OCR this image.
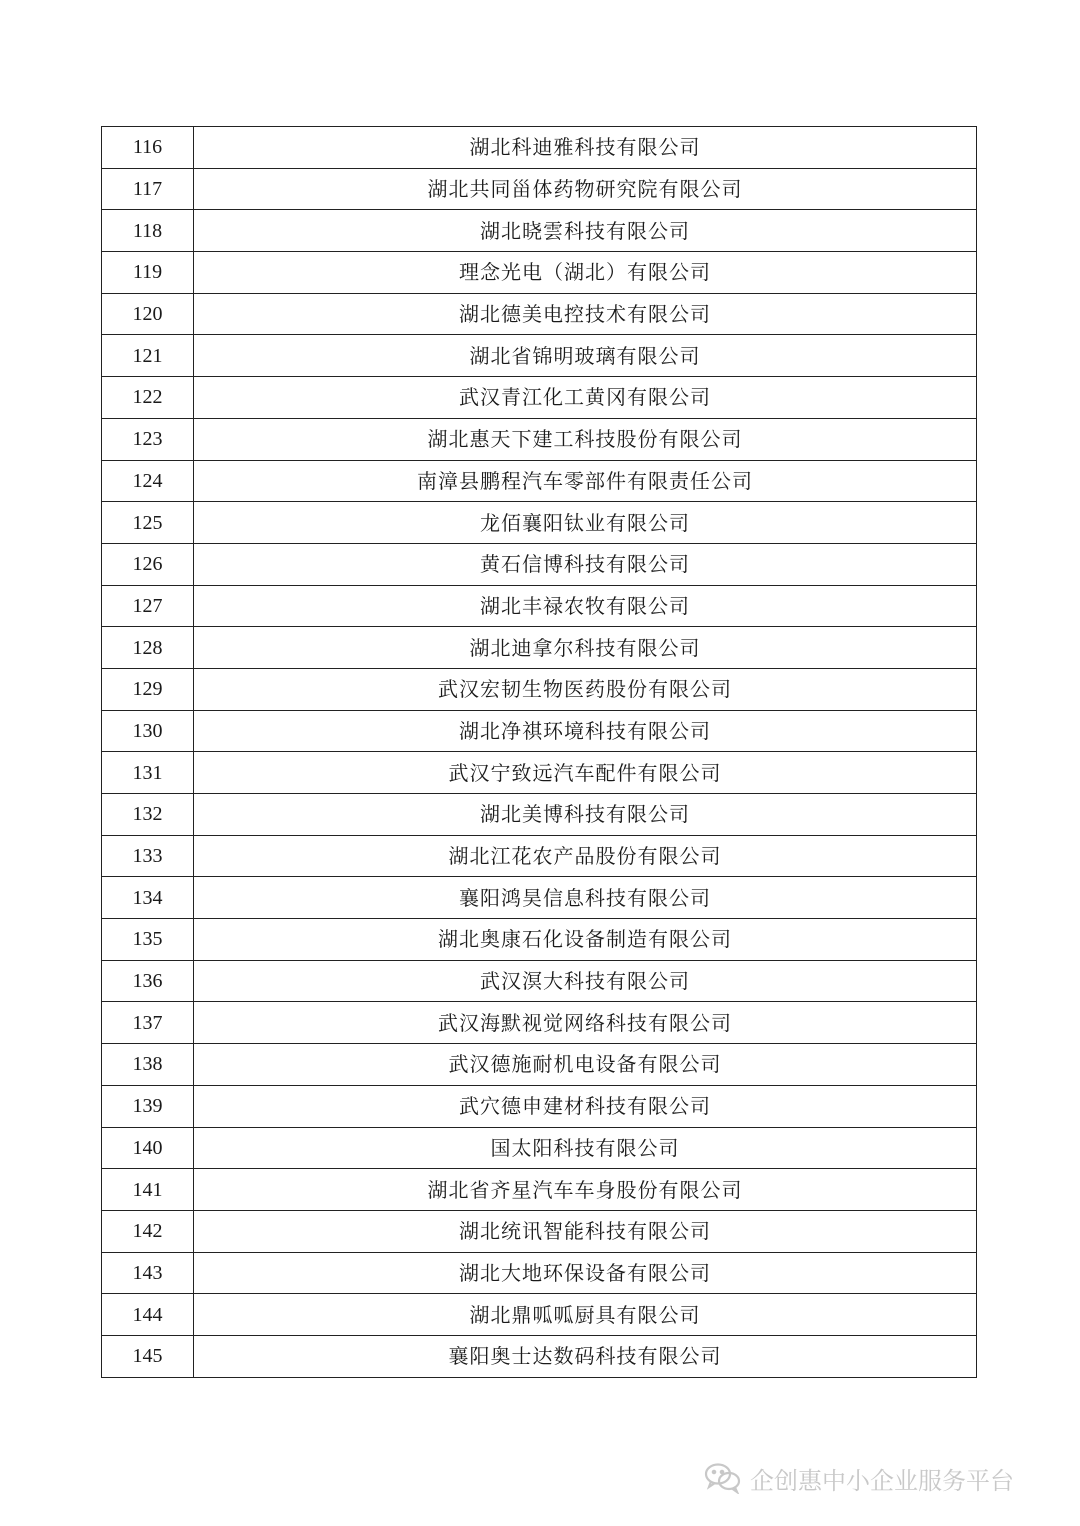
116	湖北科迪雅科技有限公司
117	湖北共同甾体药物研究院有限公司
118	湖北晓雲科技有限公司
119	理念光电（湖北）有限公司
120	湖北德美电控技术有限公司
121	湖北省锦明玻璃有限公司
122	武汉青江化工黄冈有限公司
123	湖北惠天下建工科技股份有限公司
124	南漳县鹏程汽车零部件有限责任公司
125	龙佰襄阳钛业有限公司
126	黄石信博科技有限公司
127	湖北丰禄农牧有限公司
128	湖北迪拿尔科技有限公司
129	武汉宏韧生物医药股份有限公司
130	湖北净祺环境科技有限公司
131	武汉宁致远汽车配件有限公司
132	湖北美博科技有限公司
133	湖北江花农产品股份有限公司
134	襄阳鸿昊信息科技有限公司
135	湖北奥康石化设备制造有限公司
136	武汉溟大科技有限公司
137	武汉海默视觉网络科技有限公司
138	武汉德施耐机电设备有限公司
139	武穴德申建材科技有限公司
140	国太阳科技有限公司
141	湖北省齐星汽车车身股份有限公司
142	湖北统讯智能科技有限公司
143	湖北大地环保设备有限公司
144	湖北鼎呱呱厨具有限公司
145	襄阳奥士达数码科技有限公司
企创惠中小企业服务平台
